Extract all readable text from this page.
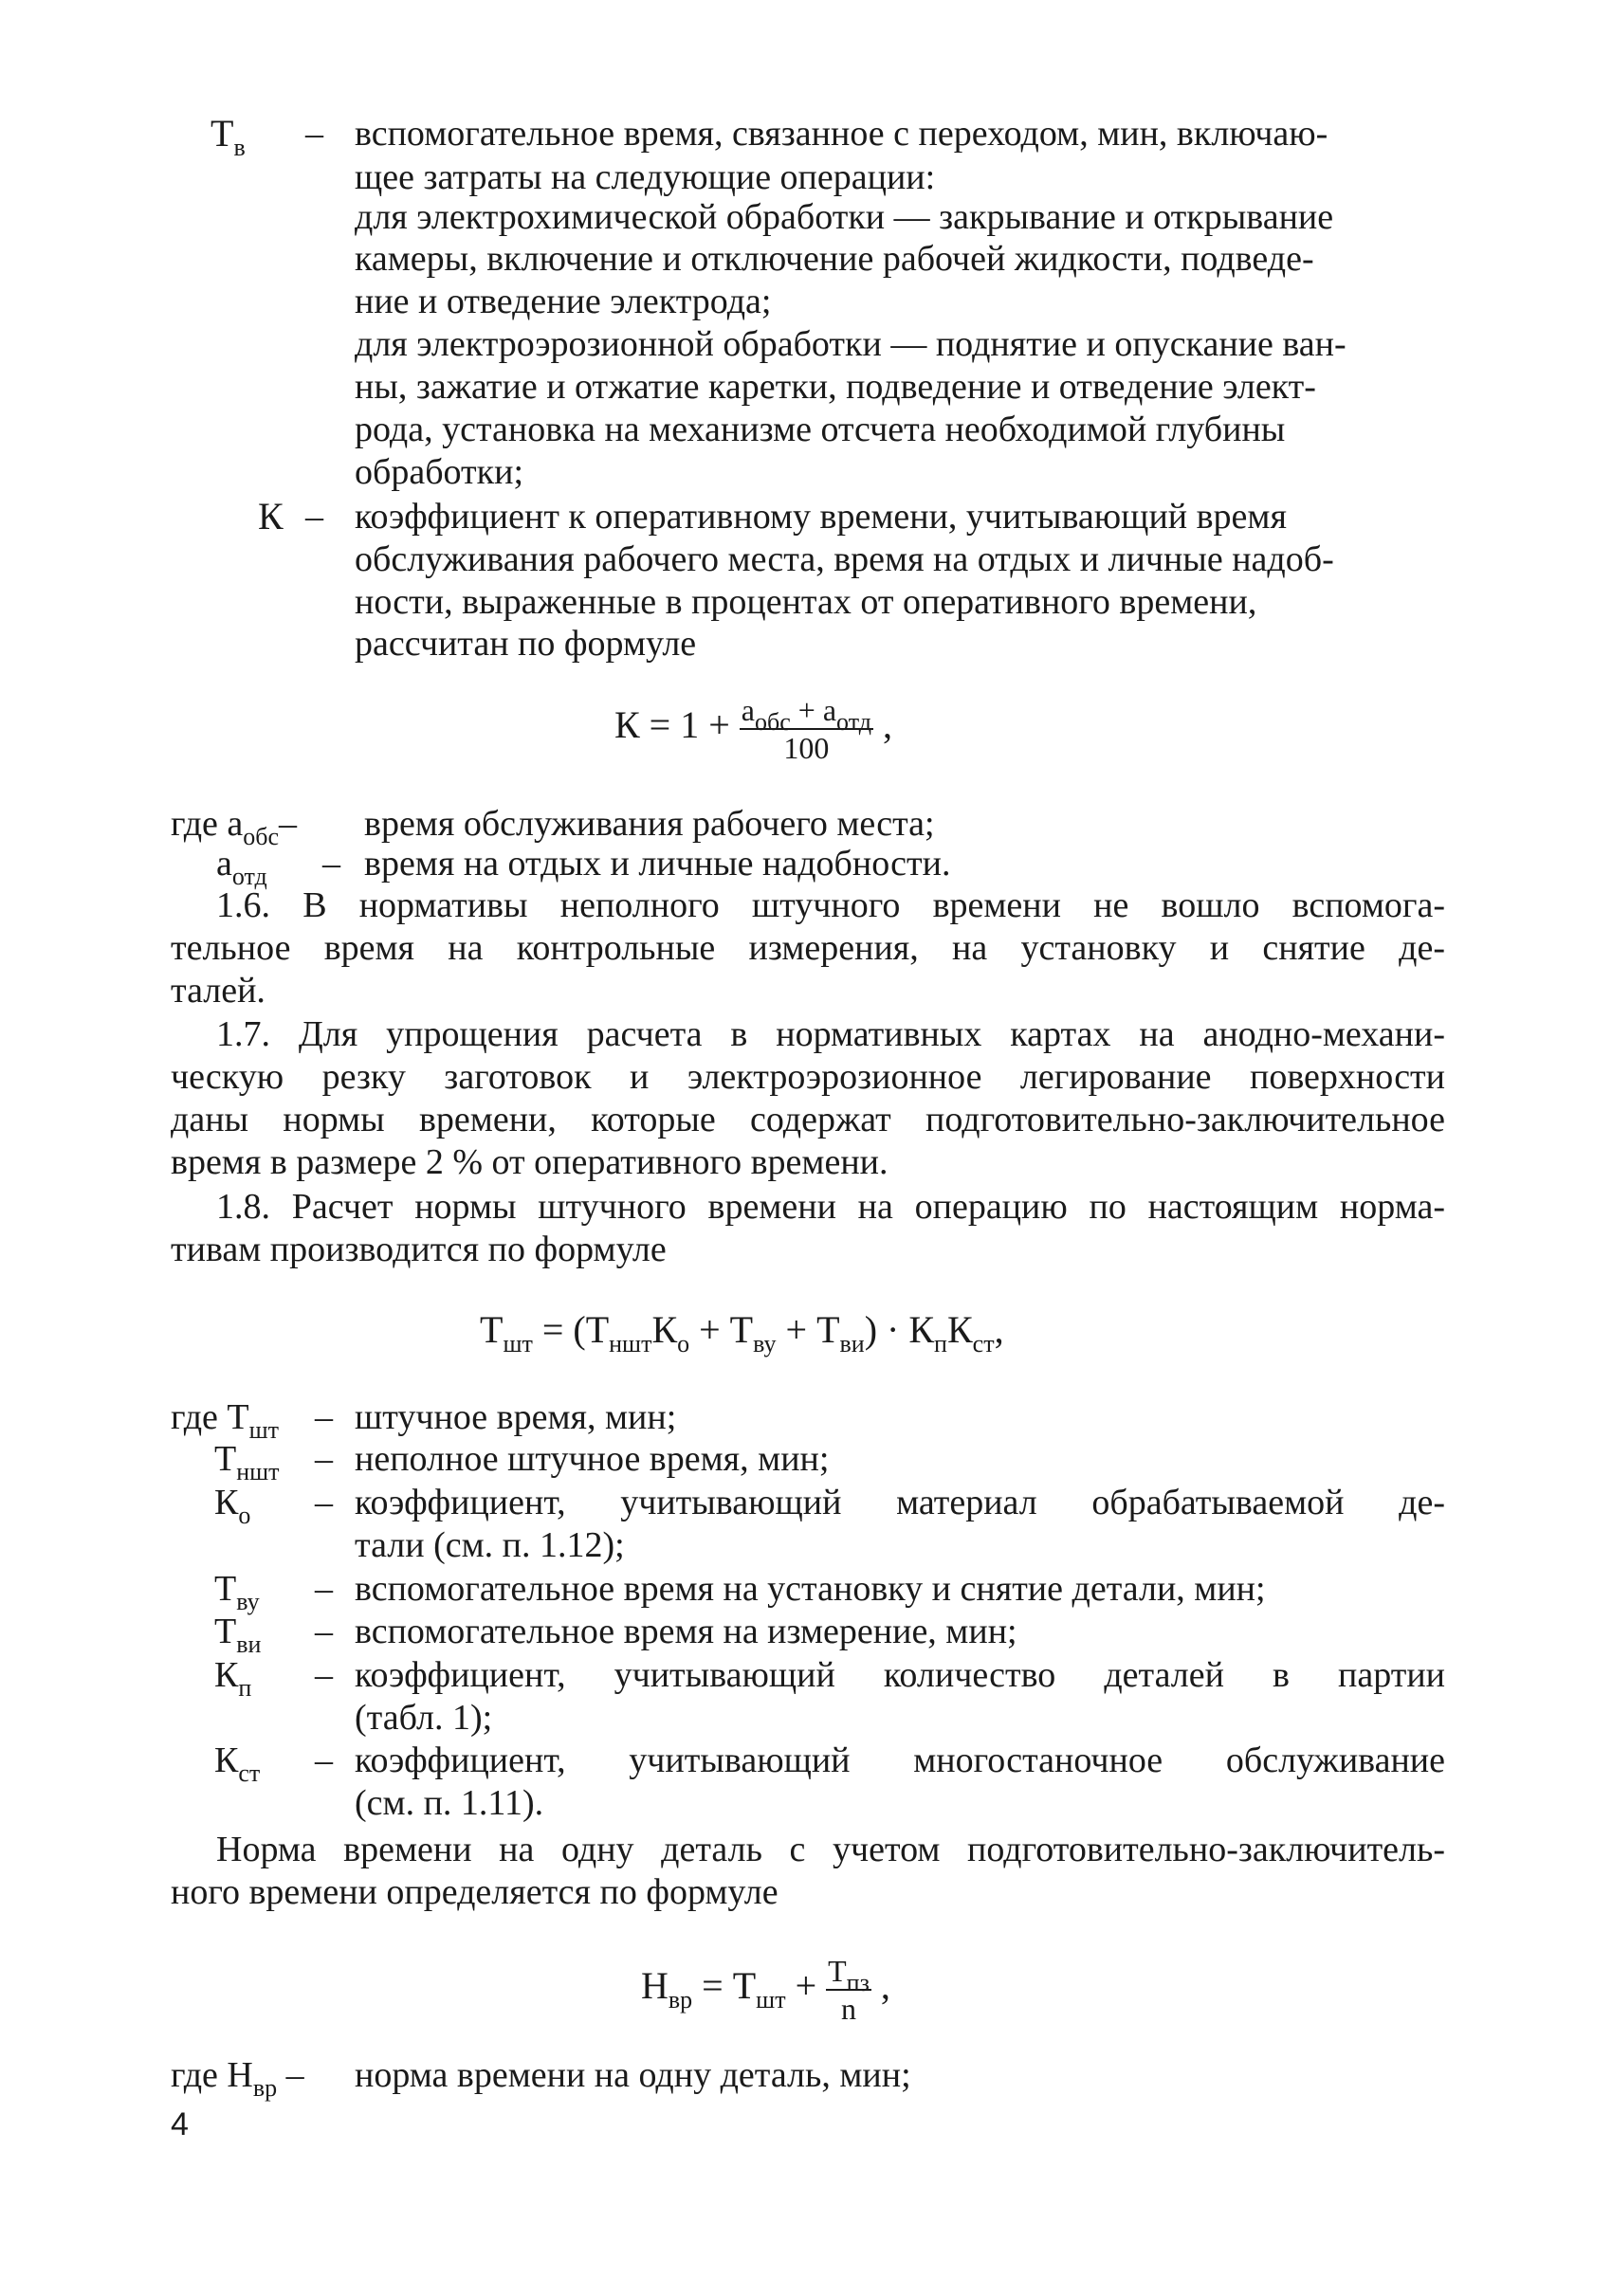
$Т_в$ – вспомогательное время, связанное с переходом, мин, включаю-
щее затраты на следующие операции:
для электрохимической обработки — закрывание и открывание
камеры, включение и отключение рабочей жидкости, подведе-
ние и отведение электрода;
для электроэрозионной обработки — поднятие и опускание ван-
ны, зажатие и отжатие каретки, подведение и отведение элект-
рода, установка на механизме отсчета необходимой глубины
обработки;
К – коэффициент к оперативному времени, учитывающий время
обслуживания рабочего места, время на отдых и личные надоб-
ности, выраженные в процентах от оперативного времени,
рассчитан по формуле
$К = 1 + \frac{a_{обс} + a_{отд}}{100}$ ,
где $a_{обс}-$ время обслуживания рабочего места;
$a_{отд}$ – время на отдых и личные надобности.
1.6. В нормативы неполного штучного времени не вошло вспомога-
тельное время на контрольные измерения, на установку и снятие де-
талей.
1.7. Для упрощения расчета в нормативных картах на анодно-механи-
ческую резку заготовок и электроэрозионное легирование поверхности
даны нормы времени, которые содержат подготовительно-заключительное
время в размере 2 % от оперативного времени.
1.8. Расчет нормы штучного времени на операцию по настоящим норма-
тивам производится по формуле
$Т_{шт} = (Т_{ншт}К_о + Т_{ву} + Т_{ви}) \cdot К_пК_{ст}$,
где $Т_{шт}$ – штучное время, мин;
$Т_{ншт}$ – неполное штучное время, мин;
$К_о$ – коэффициент, учитывающий материал обрабатываемой де-
тали (см. п. 1.12);
$Т_{ву}$ – вспомогательное время на установку и снятие детали, мин;
$Т_{ви}$ – вспомогательное время на измерение, мин;
$К_п$ – коэффициент, учитывающий количество деталей в партии
(табл. 1);
$К_{ст}$ – коэффициент, учитывающий многостаночное обслуживание
(см. п. 1.11).
Норма времени на одну деталь с учетом подготовительно-заключитель-
ного времени определяется по формуле
$Н_{вр} = Т_{шт} + \frac{Т_{пз}}{n}$ ,
где $Н_{вр}$ – норма времени на одну деталь, мин;
4
